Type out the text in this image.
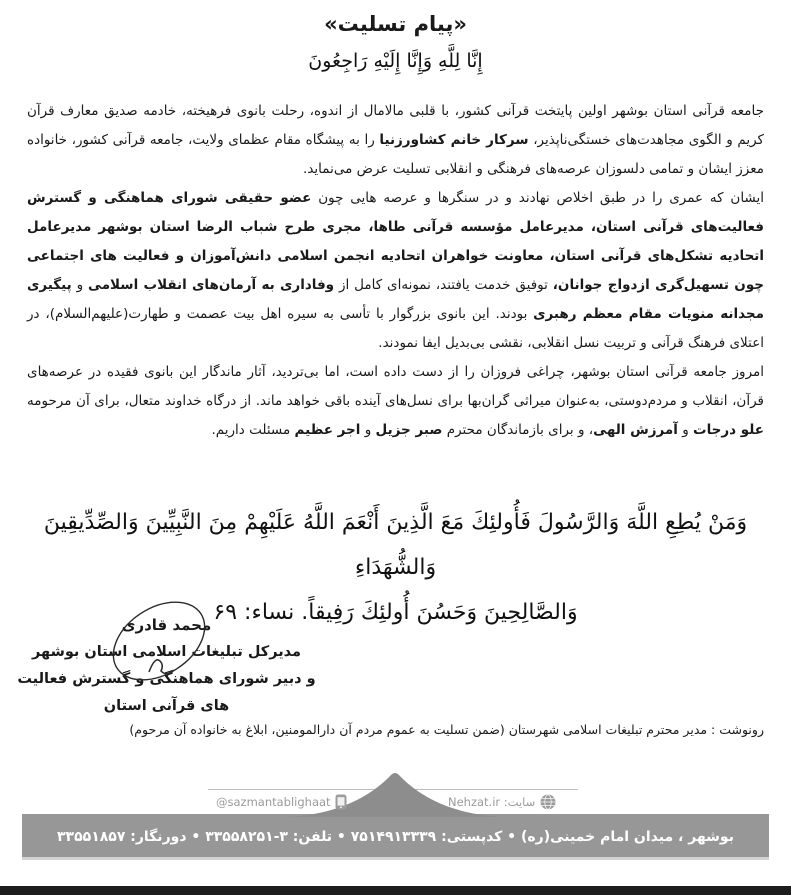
«پیام تسلیت»
إِنَّا لِلَّهِ وَإِنَّا إِلَيْهِ رَاجِعُونَ

جامعه قرآنی استان بوشهر اولین پایتخت قرآنی کشور، با قلبی مالامال از اندوه، رحلت بانوی فرهیخته، خادمه صدیق معارف قرآن کریم و الگوی مجاهدت‌های خستگی‌ناپذیر، سرکار خانم کشاورزنیا را به پیشگاه مقام عظمای ولایت، جامعه قرآنی کشور، خانواده معزز ایشان و تمامی دلسوزان عرصه‌های فرهنگی و انقلابی تسلیت عرض می‌نماید.

ایشان که عمری را در طبق اخلاص نهادند و در سنگرها و عرصه هایی چون عضو حقیقی شورای هماهنگی و گسترش فعالیت‌های قرآنی استان، مدیرعامل مؤسسه قرآنی طاها، مجری طرح شباب الرضا استان بوشهر مدیرعامل اتحادیه تشکل‌های قرآنی استان، معاونت خواهران اتحادیه انجمن اسلامی دانش‌آموزان و فعالیت های اجتماعی چون تسهیل‌گری ازدواج جوانان، توفیق خدمت یافتند، نمونه‌ای کامل از وفاداری به آرمان‌های انقلاب اسلامی و پیگیری مجدانه منویات مقام معظم رهبری بودند. این بانوی بزرگوار با تأسی به سیره اهل بیت عصمت و طهارت(علیهم‌السلام)، در اعتلای فرهنگ قرآنی و تربیت نسل انقلابی، نقشی بی‌بدیل ایفا نمودند.

امروز جامعه قرآنی استان بوشهر، چراغی فروزان را از دست داده است، اما بی‌تردید، آثار ماندگار این بانوی فقیده در عرصه‌های قرآن، انقلاب و مردم‌دوستی، به‌عنوان میراثی گران‌بها برای نسل‌های آینده باقی خواهد ماند. از درگاه خداوند متعال، برای آن مرحومه علو درجات و آمرزش الهی، و برای بازماندگان محترم صبر جزیل و اجر عظیم مسئلت داریم.

وَمَنْ يُطِعِ اللَّهَ وَالرَّسُولَ فَأُولئِكَ مَعَ الَّذِينَ أَنْعَمَ اللَّهُ عَلَيْهِمْ مِنَ النَّبِيِّينَ وَالصِّدِّيقِينَ وَالشُّهَدَاءِ
وَالصَّالِحِينَ وَحَسُنَ أُولئِكَ رَفِيقاً. نساء: ۶۹
محمد قادری
مدیرکل تبلیغات اسلامی استان بوشهر
و دبیر شورای هماهنگی و گسترش فعالیت های قرآنی استان
رونوشت : مدیر محترم تبلیغات اسلامی شهرستان (ضمن تسلیت به عموم مردم آن دارالمومنین، ابلاغ به خانواده آن مرحوم)
@sazmantablighaat	سایت: Nehzat.ir
بوشهر ، میدان امام خمینی(ره) • کدپستی: ۷۵۱۴۹۱۳۳۳۹ • تلفن: ۳-۳۳۵۵۸۲۵۱ • دورنگار: ۳۳۵۵۱۸۵۷
